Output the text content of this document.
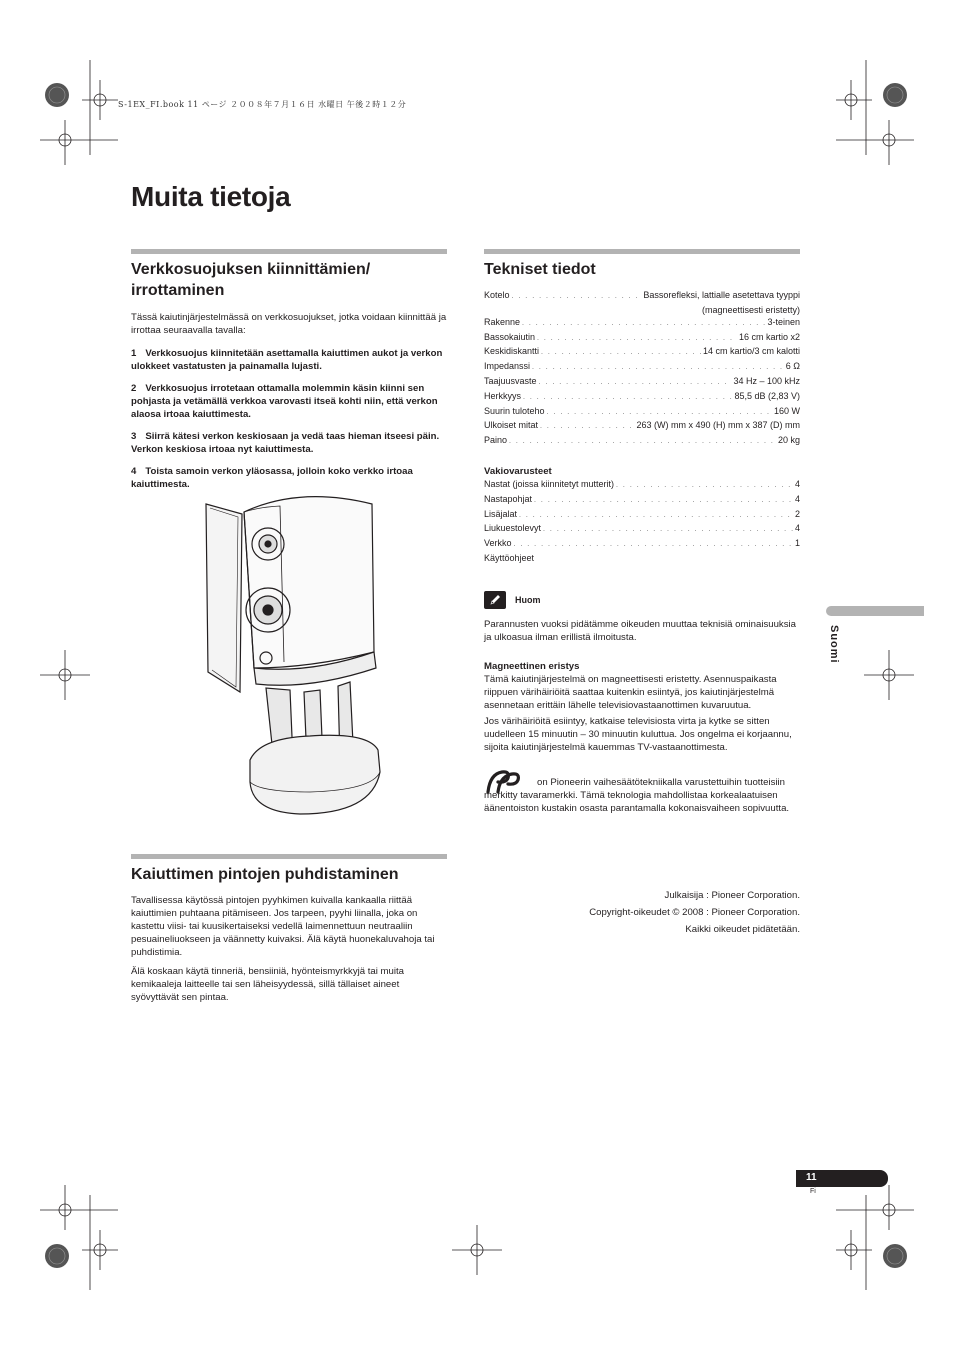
S-1EX_FI.book 11 ページ ２００８年７月１６日 水曜日 午後２時１２分
Muita tietoja
Verkkosuojuksen kiinnittämien/
irrottaminen

Tässä kaiutinjärjestelmässä on verkkosuojukset, jotka voidaan kiinnittää ja irrottaa seuraavalla tavalla:

1 Verkkosuojus kiinnitetään asettamalla kaiuttimen aukot ja verkon ulokkeet vastatusten ja painamalla lujasti.

2 Verkkosuojus irrotetaan ottamalla molemmin käsin kiinni sen pohjasta ja vetämällä verkkoa varovasti itseä kohti niin, että verkon alaosa irtoaa kaiuttimesta.

3 Siirrä kätesi verkon keskiosaan ja vedä taas hieman itseesi päin. Verkon keskiosa irtoaa nyt kaiuttimesta.

4 Toista samoin verkon yläosassa, jolloin koko verkko irtoaa kaiuttimesta.

Kaiuttimen pintojen puhdistaminen

Tavallisessa käytössä pintojen pyyhkimen kuivalla kankaalla riittää kaiuttimien puhtaana pitämiseen. Jos tarpeen, pyyhi liinalla, joka on kastettu viisi- tai kuusikertaiseksi vedellä laimennettuun neutraaliin pesuaineliuokseen ja väännetty kuivaksi. Älä käytä huonekaluvahoja tai puhdistimia.

Älä koskaan käytä tinneriä, bensiiniä, hyönteismyrkkyjä tai muita kemikaaleja laitteelle tai sen läheisyydessä, sillä tällaiset aineet syövyttävät sen pintaa.

Tekniset tiedot
Kotelo . . .	Bassorefleksi, lattialle asetettava tyyppi
(magneettisesti eristetty)
Rakenne . . .	3-teinen
Bassokaiutin . . .	16 cm kartio x2
Keskidiskantti . . .	14 cm kartio/3 cm kalotti
Impedanssi . . .	6 Ω
Taajuusvaste . . .	34 Hz – 100 kHz
Herkkyys . . .	85,5 dB (2,83 V)
Suurin tuloteho . . .	160 W
Ulkoiset mitat . . .	263 (W) mm x 490 (H) mm x 387 (D) mm
Paino . . .	20 kg

Vakiovarusteet

Nastat (joissa kiinnitetyt mutterit) . . .	4
Nastapohjat . . .	4
Lisäjalat . . .	2
Liukuestolevyt . . .	4
Verkko . . .	1
Käyttöohjeet
Huom

Parannusten vuoksi pidätämme oikeuden muuttaa teknisiä ominaisuuksia ja ulkoasua ilman erillistä ilmoitusta.

Magneettinen eristys

Tämä kaiutinjärjestelmä on magneettisesti eristetty. Asennuspaikasta riippuen värihäiriöitä saattaa kuitenkin esiintyä, jos kaiutinjärjestelmä asennetaan erittäin lähelle televisiovastaanottimen kuvaruutua.

Jos värihäiriöitä esiintyy, katkaise televisiosta virta ja kytke se sitten uudelleen 15 minuutin – 30 minuutin kuluttua. Jos ongelma ei korjaannu, sijoita kaiutinjärjestelmä kauemmas TV-vastaanottimesta.

on Pioneerin vaihesäätötekniikalla varustettuihin tuotteisiin merkitty tavaramerkki. Tämä teknologia mahdollistaa korkealaatuisen äänentoiston kustakin osasta parantamalla kokonaisvaiheen sopivuutta.

Julkaisija : Pioneer Corporation.
Copyright-oikeudet © 2008 : Pioneer Corporation.
Kaikki oikeudet pidätetään.
Suomi
11
Fi
